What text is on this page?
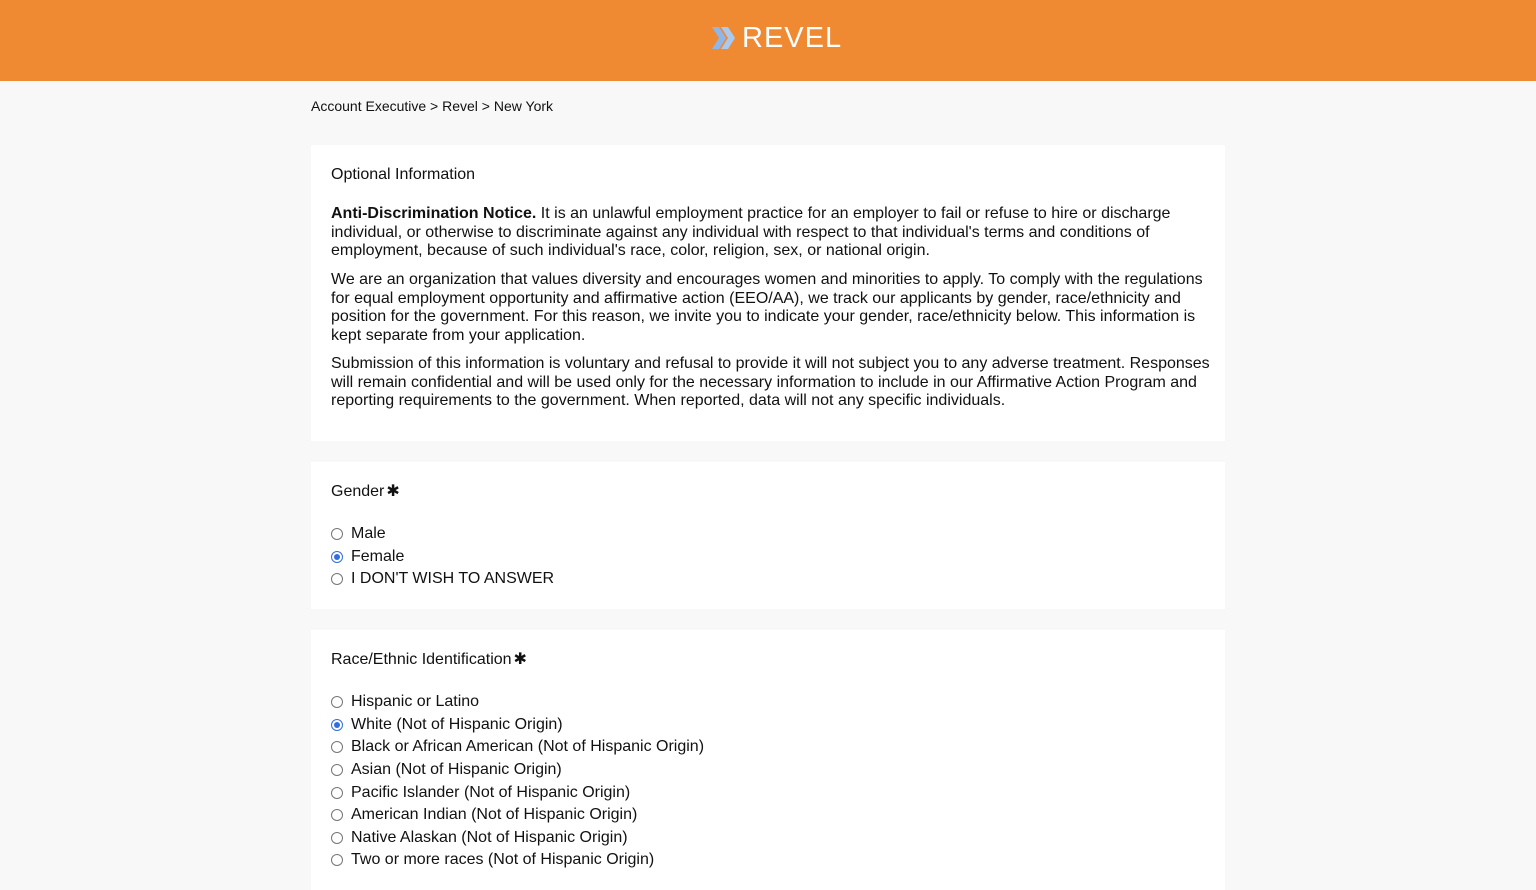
REVEL
Account Executive > Revel > New York
Optional Information

Anti-Discrimination Notice. It is an unlawful employment practice for an employer to fail or refuse to hire or discharge individual, or otherwise to discriminate against any individual with respect to that individual's terms and conditions of employment, because of such individual's race, color, religion, sex, or national origin.

We are an organization that values diversity and encourages women and minorities to apply. To comply with the regulations for equal employment opportunity and affirmative action (EEO/AA), we track our applicants by gender, race/ethnicity and position for the government. For this reason, we invite you to indicate your gender, race/ethnicity below. This information is kept separate from your application.

Submission of this information is voluntary and refusal to provide it will not subject you to any adverse treatment. Responses will remain confidential and will be used only for the necessary information to include in our Affirmative Action Program and reporting requirements to the government. When reported, data will not any specific individuals.

Gender ✱
Male
Female
I DON'T WISH TO ANSWER
Race/Ethnic Identification ✱
Hispanic or Latino
White (Not of Hispanic Origin)
Black or African American (Not of Hispanic Origin)
Asian (Not of Hispanic Origin)
Pacific Islander (Not of Hispanic Origin)
American Indian (Not of Hispanic Origin)
Native Alaskan (Not of Hispanic Origin)
Two or more races (Not of Hispanic Origin)
